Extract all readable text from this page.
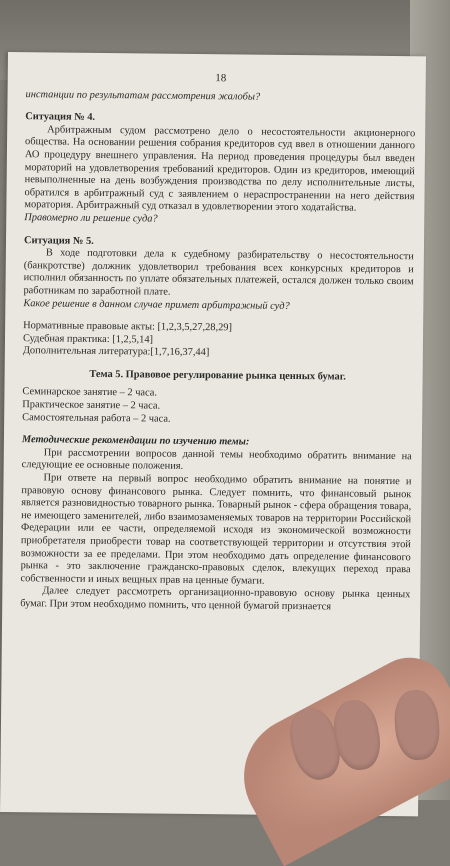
18

инстанции по результатам рассмотрения жалобы?

Ситуация № 4.

Арбитражным судом рассмотрено дело о несостоятельности акционерного общества. На основании решения собрания кредиторов суд ввел в отношении данного АО процедуру внешнего управления. На период проведения процедуры был введен мораторий на удовлетворения требований кредиторов. Один из кредиторов, имеющий невыполненные на день возбуждения производства по делу исполнительные листы, обратился в арбитражный суд с заявлением о нераспространении на него действия моратория. Арбитражный суд отказал в удовлетворении этого ходатайства.

Правомерно ли решение суда?

Ситуация № 5.

В ходе подготовки дела к судебному разбирательству о несостоятельности (банкротстве) должник удовлетворил требования всех конкурсных кредиторов и исполнил обязанность по уплате обязательных платежей, остался должен только своим работникам по заработной плате.

Какое решение в данном случае примет арбитражный суд?

Нормативные правовые акты: [1,2,3,5,27,28,29]

Судебная практика: [1,2,5,14]

Дополнительная литература:[1,7,16,37,44]

Тема 5. Правовое регулирование рынка ценных бумаг.

Семинарское занятие – 2 часа.

Практическое занятие – 2 часа.

Самостоятельная работа – 2 часа.

Методические рекомендации по изучению темы:

При рассмотрении вопросов данной темы необходимо обратить внимание на следующие ее основные положения.

При ответе на первый вопрос необходимо обратить внимание на понятие и правовую основу финансового рынка. Следует помнить, что финансовый рынок является разновидностью товарного рынка. Товарный рынок - сфера обращения товара, не имеющего заменителей, либо взаимозаменяемых товаров на территории Российской Федерации или ее части, определяемой исходя из экономической возможности приобретателя приобрести товар на соответствующей территории и отсутствия этой возможности за ее пределами. При этом необходимо дать определение финансового рынка - это заключение гражданско-правовых сделок, влекущих переход права собственности и иных вещных прав на ценные бумаги.

Далее следует рассмотреть организационно-правовую основу рынка ценных бумаг. При этом необходимо помнить, что ценной бумагой признается
